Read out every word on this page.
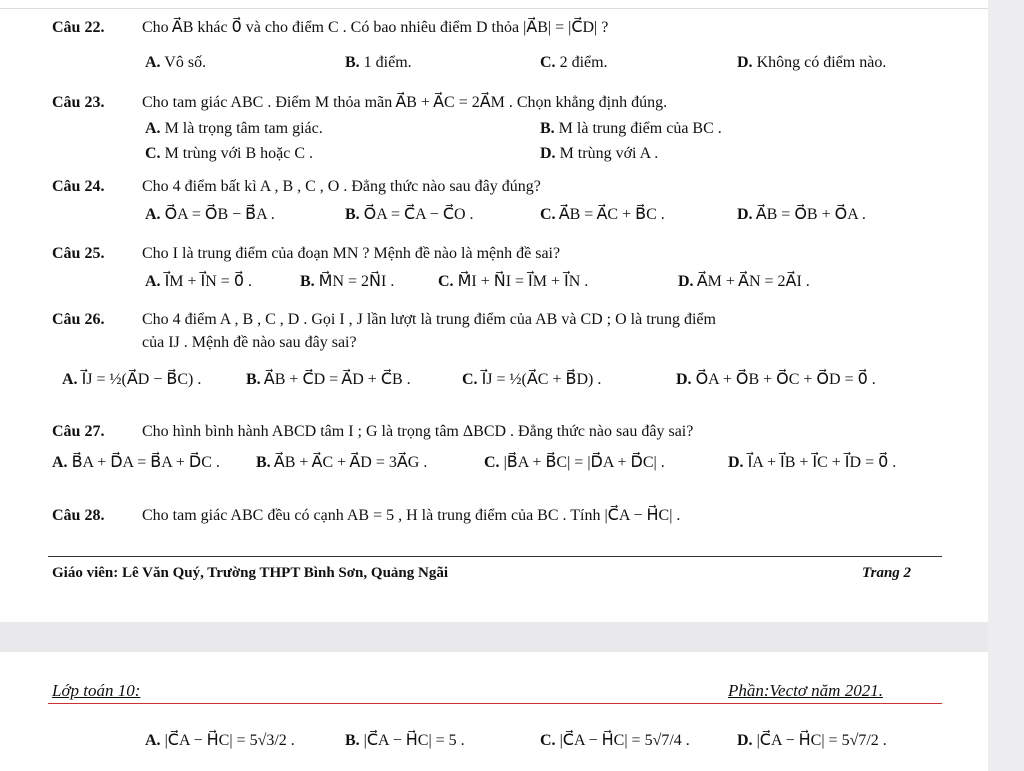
Câu 22. Cho A⃗B khác 0⃗ và cho điểm C . Có bao nhiêu điểm D thỏa |A⃗B| = |C⃗D| ?
A. Vô số.	B. 1 điểm.	C. 2 điểm.	D. Không có điểm nào.
Câu 23. Cho tam giác ABC . Điểm M thỏa mãn A⃗B + A⃗C = 2A⃗M . Chọn khẳng định đúng.
A. M là trọng tâm tam giác.	B. M là trung điểm của BC .
C. M trùng với B hoặc C .	D. M trùng với A .
Câu 24. Cho 4 điểm bất kì A , B , C , O . Đẳng thức nào sau đây đúng?
A. O⃗A = O⃗B − B⃗A .	B. O⃗A = C⃗A − C⃗O .	C. A⃗B = A⃗C + B⃗C .	D. A⃗B = O⃗B + O⃗A .
Câu 25. Cho I là trung điểm của đoạn MN ? Mệnh đề nào là mệnh đề sai?
A. I⃗M + I⃗N = 0⃗ .	B. M⃗N = 2N⃗I .	C. M⃗I + N⃗I = I⃗M + I⃗N .	D. A⃗M + A⃗N = 2A⃗I .
Câu 26. Cho 4 điểm A , B , C , D . Gọi I , J lần lượt là trung điểm của AB và CD ; O là trung điểm
của IJ . Mệnh đề nào sau đây sai?
A. I⃗J = ½(A⃗D − B⃗C) .	B. A⃗B + C⃗D = A⃗D + C⃗B .	C. I⃗J = ½(A⃗C + B⃗D) .	D. O⃗A + O⃗B + O⃗C + O⃗D = 0⃗ .
Câu 27. Cho hình bình hành ABCD tâm I ; G là trọng tâm ΔBCD . Đẳng thức nào sau đây sai?
A. B⃗A + D⃗A = B⃗A + D⃗C . B. A⃗B + A⃗C + A⃗D = 3A⃗G .	C. |B⃗A + B⃗C| = |D⃗A + D⃗C| .	D. I⃗A + I⃗B + I⃗C + I⃗D = 0⃗ .
Câu 28. Cho tam giác ABC đều có cạnh AB = 5 , H là trung điểm của BC . Tính |C⃗A − H⃗C| .
Giáo viên: Lê Văn Quý, Trường THPT Bình Sơn, Quảng Ngãi	Trang 2
Lớp toán 10:	Phần:Vectơ năm 2021.
A. |C⃗A − H⃗C| = 5√3/2 .	B. |C⃗A − H⃗C| = 5 .	C. |C⃗A − H⃗C| = 5√7/4 .	D. |C⃗A − H⃗C| = 5√7/2 .
